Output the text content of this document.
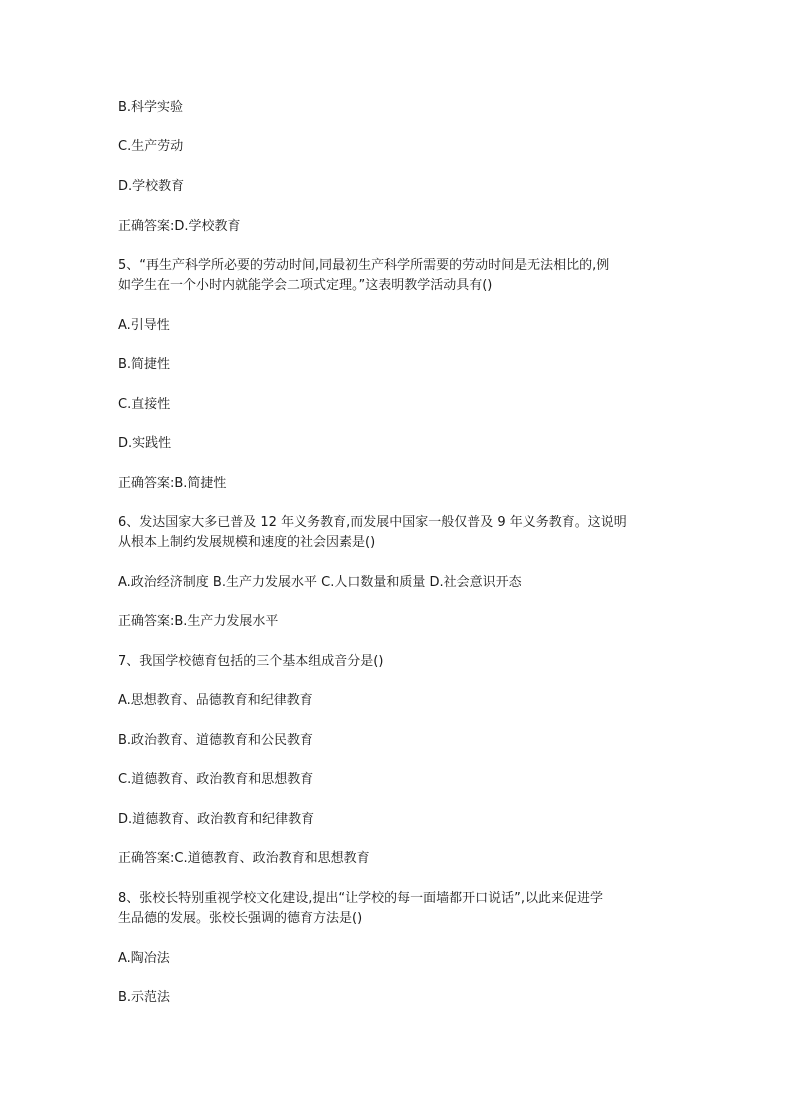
B.科学实验
C.生产劳动
D.学校教育
正确答案:D.学校教育
5、“再生产科学所必要的劳动时间,同最初生产科学所需要的劳动时间是无法相比的,例
如学生在一个小时内就能学会二项式定理。”这表明教学活动具有()
A.引导性
B.简捷性
C.直接性
D.实践性
正确答案:B.简捷性
6、发达国家大多已普及 12 年义务教育,而发展中国家一般仅普及 9 年义务教育。这说明
从根本上制约发展规模和速度的社会因素是()
A.政治经济制度 B.生产力发展水平 C.人口数量和质量 D.社会意识开态
正确答案:B.生产力发展水平
7、我国学校德育包括的三个基本组成音分是()
A.思想教育、品德教育和纪律教育
B.政治教育、道德教育和公民教育
C.道德教育、政治教育和思想教育
D.道德教育、政治教育和纪律教育
正确答案:C.道德教育、政治教育和思想教育
8、张校长特别重视学校文化建设,提出“让学校的每一面墙都开口说话”,以此来促进学
生品德的发展。张校长强调的德育方法是()
A.陶冶法
B.示范法
